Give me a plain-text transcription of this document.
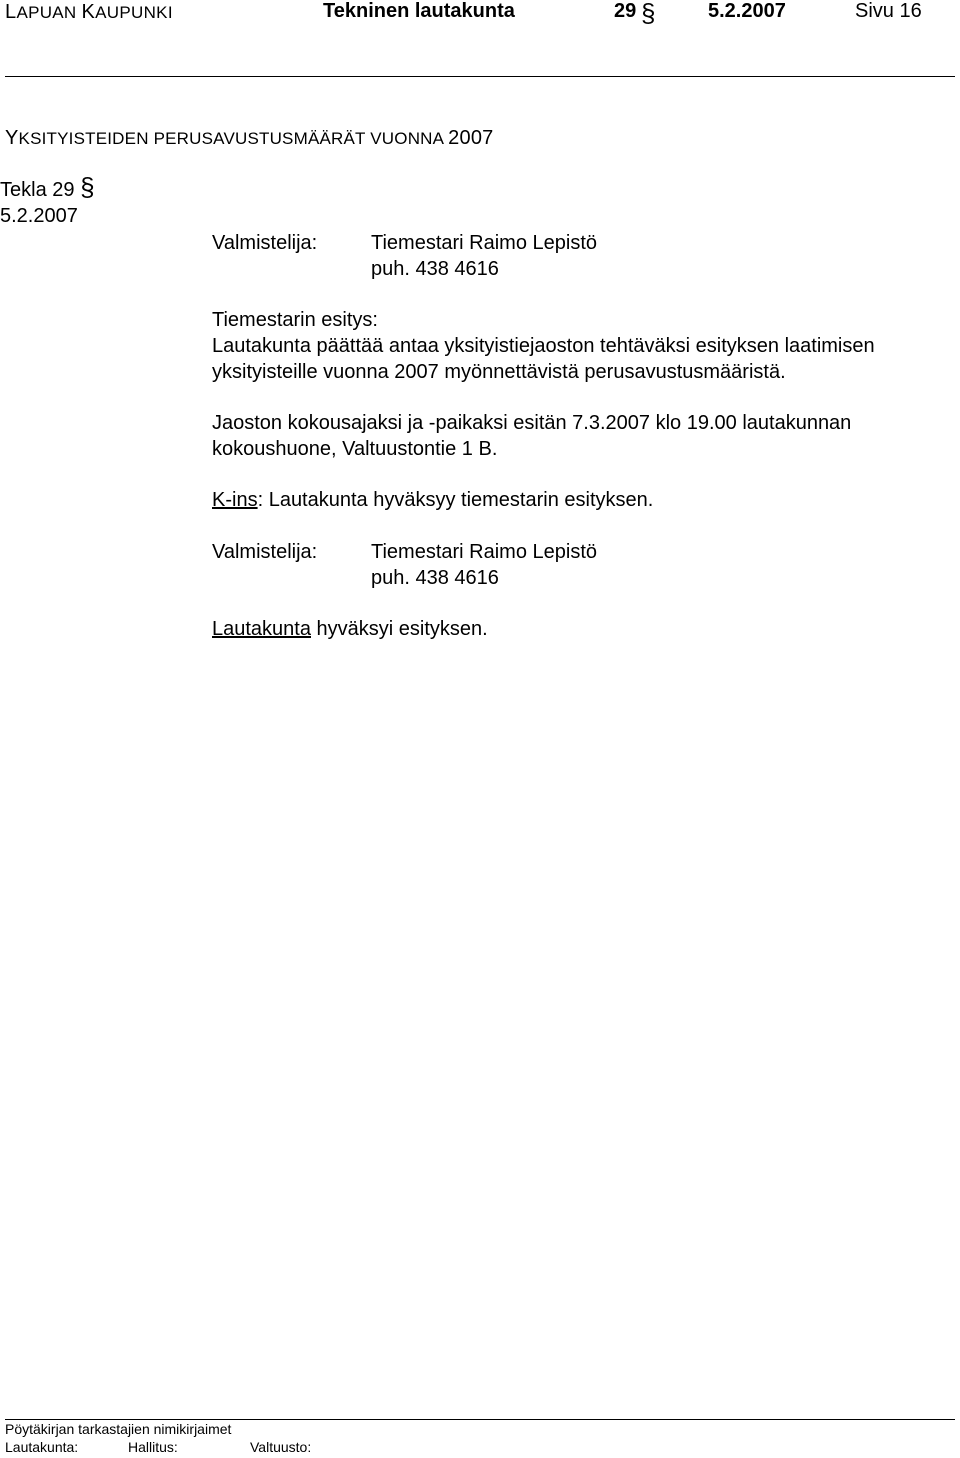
LAPUAN KAUPUNKI	Tekninen lautakunta	29 §	5.2.2007	Sivu 16
YKSITYISTEIDEN PERUSAVUSTUSMÄÄRÄT VUONNA 2007
Tekla 29 §
5.2.2007
Valmistelija:	Tiemestari Raimo Lepistö
puh. 438 4616
Tiemestarin esitys:
Lautakunta päättää antaa yksityistiejaoston tehtäväksi esityksen laatimisen
yksityisteille vuonna 2007 myönnettävistä perusavustusmääristä.
Jaoston kokousajaksi ja -paikaksi esitän 7.3.2007 klo 19.00 lautakunnan
kokoushuone, Valtuustontie 1 B.
K-ins: Lautakunta hyväksyy tiemestarin esityksen.
Valmistelija:	Tiemestari Raimo Lepistö
puh. 438 4616
Lautakunta hyväksyi esityksen.
Pöytäkirjan tarkastajien nimikirjaimet
Lautakunta:	Hallitus:	Valtuusto:
